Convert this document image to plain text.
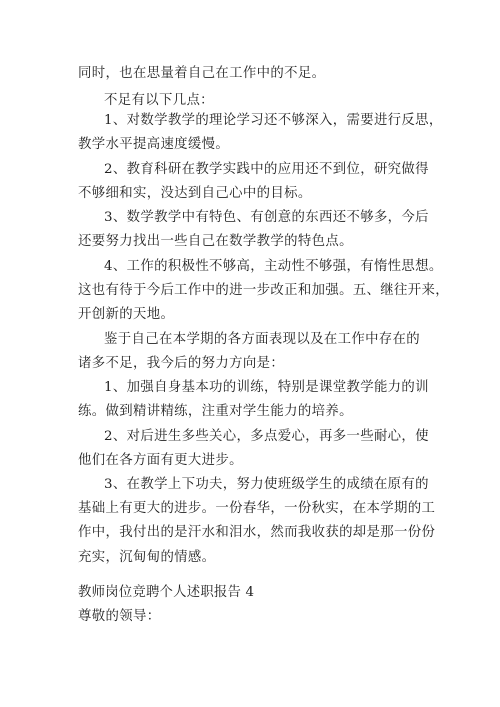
同时，也在思量着自己在工作中的不足。
不足有以下几点：
1、对数学教学的理论学习还不够深入，需要进行反思，
教学水平提高速度缓慢。
2、教育科研在教学实践中的应用还不到位，研究做得
不够细和实，没达到自己心中的目标。
3、数学教学中有特色、有创意的东西还不够多，今后
还要努力找出一些自己在数学教学的特色点。
4、工作的积极性不够高，主动性不够强，有惰性思想。
这也有待于今后工作中的进一步改正和加强。五、继往开来，
开创新的天地。
鉴于自己在本学期的各方面表现以及在工作中存在的
诸多不足，我今后的努力方向是：
1、加强自身基本功的训练，特别是课堂教学能力的训
练。做到精讲精练，注重对学生能力的培养。
2、对后进生多些关心，多点爱心，再多一些耐心，使
他们在各方面有更大进步。
3、在教学上下功夫，努力使班级学生的成绩在原有的
基础上有更大的进步。一份春华，一份秋实，在本学期的工
作中，我付出的是汗水和泪水，然而我收获的却是那一份份
充实，沉甸甸的情感。
教师岗位竞聘个人述职报告 4
尊敬的领导：
